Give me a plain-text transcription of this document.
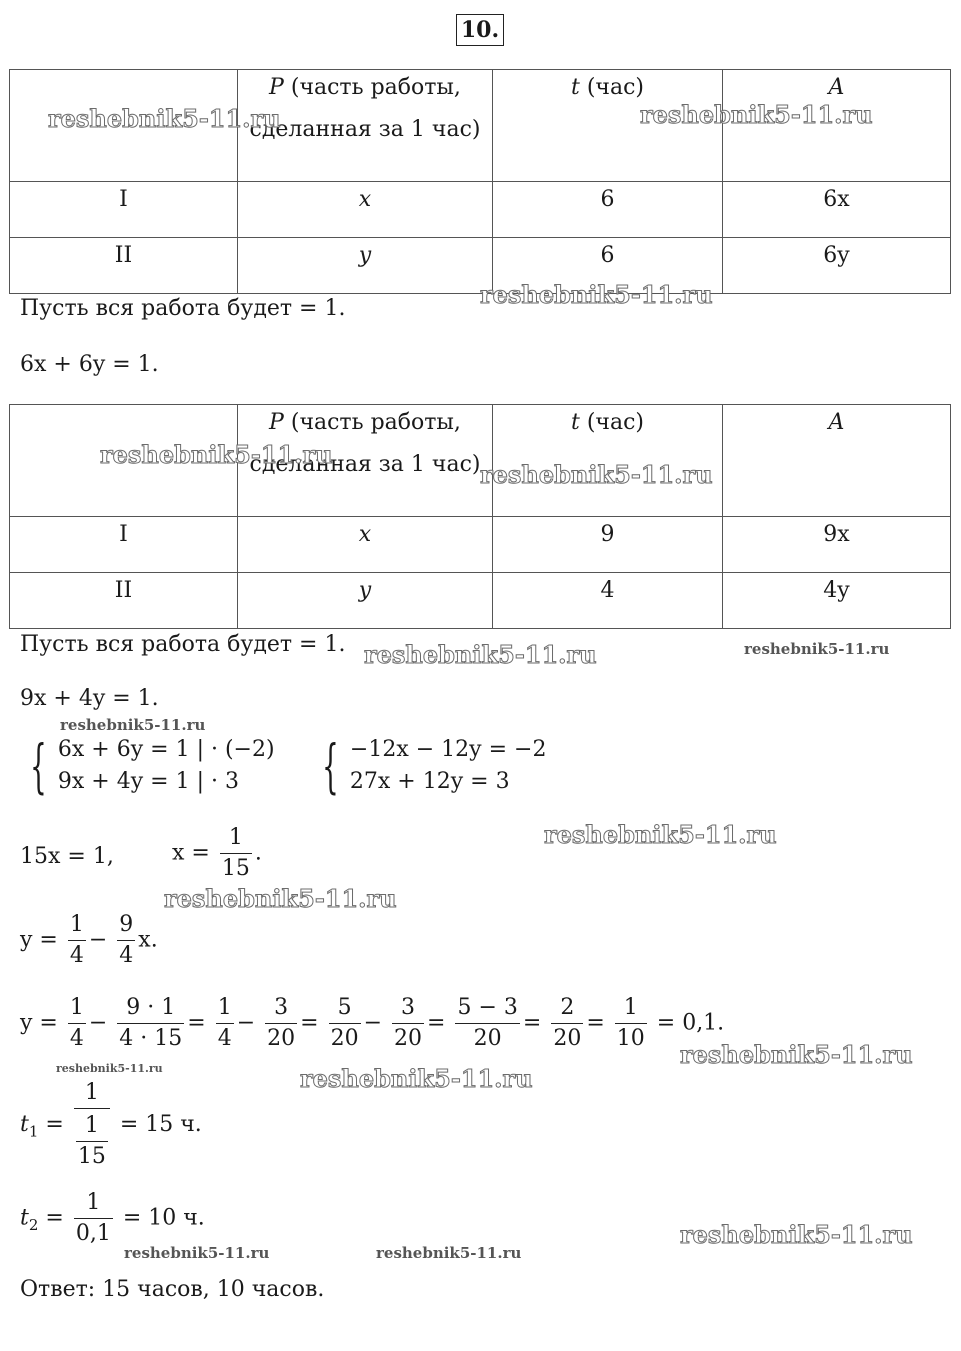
10.
	P (часть работы,
сделанная за 1 час)	t (час)	A
I	x	6	6x
II	y	6	6y
Пусть вся работа будет = 1.
6x + 6y = 1.
	P (часть работы,
сделанная за 1 час)	t (час)	A
I	x	9	9x
II	y	4	4y
Пусть вся работа будет = 1.
9x + 4y = 1.
{ 6x + 6y = 1 | · (−2)
9x + 4y = 1 | · 3	{ −12x − 12y = −2
27x + 12y = 3
15x = 1,	$x = \frac{1}{15}$ .
$y = \frac{1}{4} - \frac{9}{4} x$.
$y = \frac{1}{4} - \frac{9 \cdot 1}{4 \cdot 15} = \frac{1}{4} - \frac{3}{20} = \frac{5}{20} - \frac{3}{20} = \frac{5 - 3}{20} = \frac{2}{20} = \frac{1}{10} = 0,1$.
$t_1 = \frac{1}{\frac{1}{15}} = 15$ ч.
$t_2 = \frac{1}{0,1} = 10$ ч.
Ответ: 15 часов, 10 часов.
reshebnik5-11.ru	reshebnik5-11.ru
reshebnik5-11.ru
reshebnik5-11.ru
reshebnik5-11.ru
reshebnik5-11.ru	reshebnik5-11.ru
reshebnik5-11.ru
reshebnik5-11.ru
reshebnik5-11.ru
reshebnik5-11.ru
reshebnik5-11.ru	reshebnik5-11.ru
reshebnik5-11.ru
reshebnik5-11.ru	reshebnik5-11.ru
